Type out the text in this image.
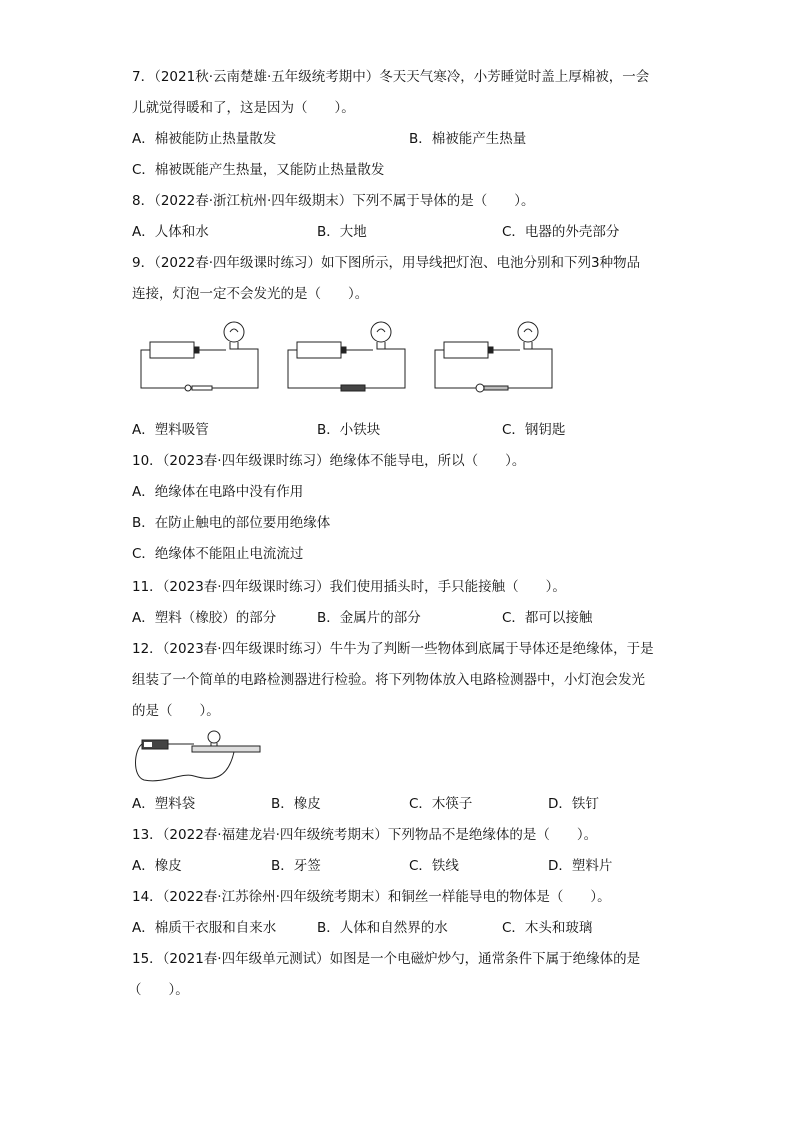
7．（2021秋·云南楚雄·五年级统考期中）冬天天气寒冷，小芳睡觉时盖上厚棉被，一会
儿就觉得暖和了，这是因为（　　）。
A．棉被能防止热量散发	B．棉被能产生热量
C．棉被既能产生热量，又能防止热量散发
8．（2022春·浙江杭州·四年级期末）下列不属于导体的是（　　）。
A．人体和水	B．大地	C．电器的外壳部分
9．（2022春·四年级课时练习）如下图所示，用导线把灯泡、电池分别和下列3种物品
连接，灯泡一定不会发光的是（　　）。
A．塑料吸管	B．小铁块	C．钢钥匙
10．（2023春·四年级课时练习）绝缘体不能导电，所以（　　）。
A．绝缘体在电路中没有作用
B．在防止触电的部位要用绝缘体
C．绝缘体不能阻止电流流过
11．（2023春·四年级课时练习）我们使用插头时，手只能接触（　　）。
A．塑料（橡胶）的部分	B．金属片的部分	C．都可以接触
12．（2023春·四年级课时练习）牛牛为了判断一些物体到底属于导体还是绝缘体，于是
组装了一个简单的电路检测器进行检验。将下列物体放入电路检测器中，小灯泡会发光
的是（　　）。
A．塑料袋	B．橡皮	C．木筷子	D．铁钉
13．（2022春·福建龙岩·四年级统考期末）下列物品不是绝缘体的是（　　）。
A．橡皮	B．牙签	C．铁线	D．塑料片
14．（2022春·江苏徐州·四年级统考期末）和铜丝一样能导电的物体是（　　）。
A．棉质干衣服和自来水	B．人体和自然界的水	C．木头和玻璃
15．（2021春·四年级单元测试）如图是一个电磁炉炒勺，通常条件下属于绝缘体的是
（　　）。
